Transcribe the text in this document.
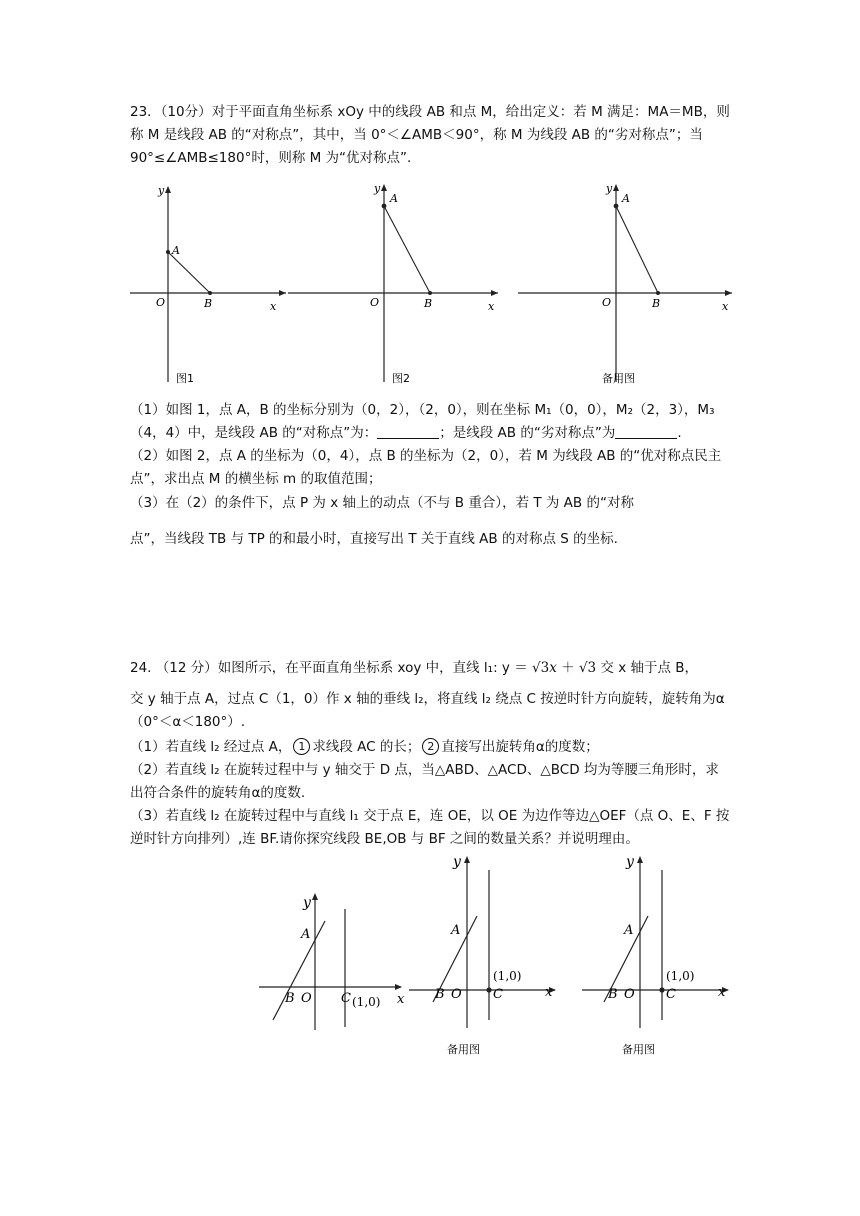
23．（10分）对于平面直角坐标系 xOy 中的线段 AB 和点 M，给出定义：若 M 满足：MA＝MB，则称 M 是线段 AB 的“对称点”，其中，当 0°＜∠AMB＜90°，称 M 为线段 AB 的“劣对称点”；当 90°≤∠AMB≤180°时，则称 M 为“优对称点”.

y
x
O
A
B
图1
y
x
O
A
B
图2
y
x
O
A
B
备用图

（1）如图 1，点 A，B 的坐标分别为（0，2），（2，0），则在坐标 M₁（0，0），M₂（2，3），M₃（4，4）中，是线段 AB 的“对称点”为：	；是线段 AB 的“劣对称点”为	.

（2）如图 2，点 A 的坐标为（0，4），点 B 的坐标为（2，0），若 M 为线段 AB 的“优对称点民主点”，求出点 M 的横坐标 m 的取值范围；

（3）在（2）的条件下，点 P 为 x 轴上的动点（不与 B 重合），若 T 为 AB 的“对称

点”，当线段 TB 与 TP 的和最小时，直接写出 T 关于直线 AB 的对称点 S 的坐标.

24. （12 分）如图所示，在平面直角坐标系 xoy 中，直线 l₁: y ＝ √3x ＋ √3 交 x 轴于点 B，

交 y 轴于点 A，过点 C（1，0）作 x 轴的垂线 l₂，将直线 l₂ 绕点 C 按逆时针方向旋转，旋转角为α（0°＜α＜180°）.

（1）若直线 l₂ 经过点 A， 1 求线段 AC 的长； 2 直接写出旋转角α的度数；

（2）若直线 l₂ 在旋转过程中与 y 轴交于 D 点，当△ABD、△ACD、△BCD 均为等腰三角形时，求出符合条件的旋转角α的度数.

（3）若直线 l₂ 在旋转过程中与直线 l₁ 交于点 E，连 OE，以 OE 为边作等边△OEF（点 O、E、F 按逆时针方向排列）,连 BF.请你探究线段 BE,OB 与 BF 之间的数量关系？并说明理由。

y
x
B O
A
C (1,0)
y
x
B O
A
C
(1,0)
备用图
y
x
B O
A
C
(1,0)
备用图
